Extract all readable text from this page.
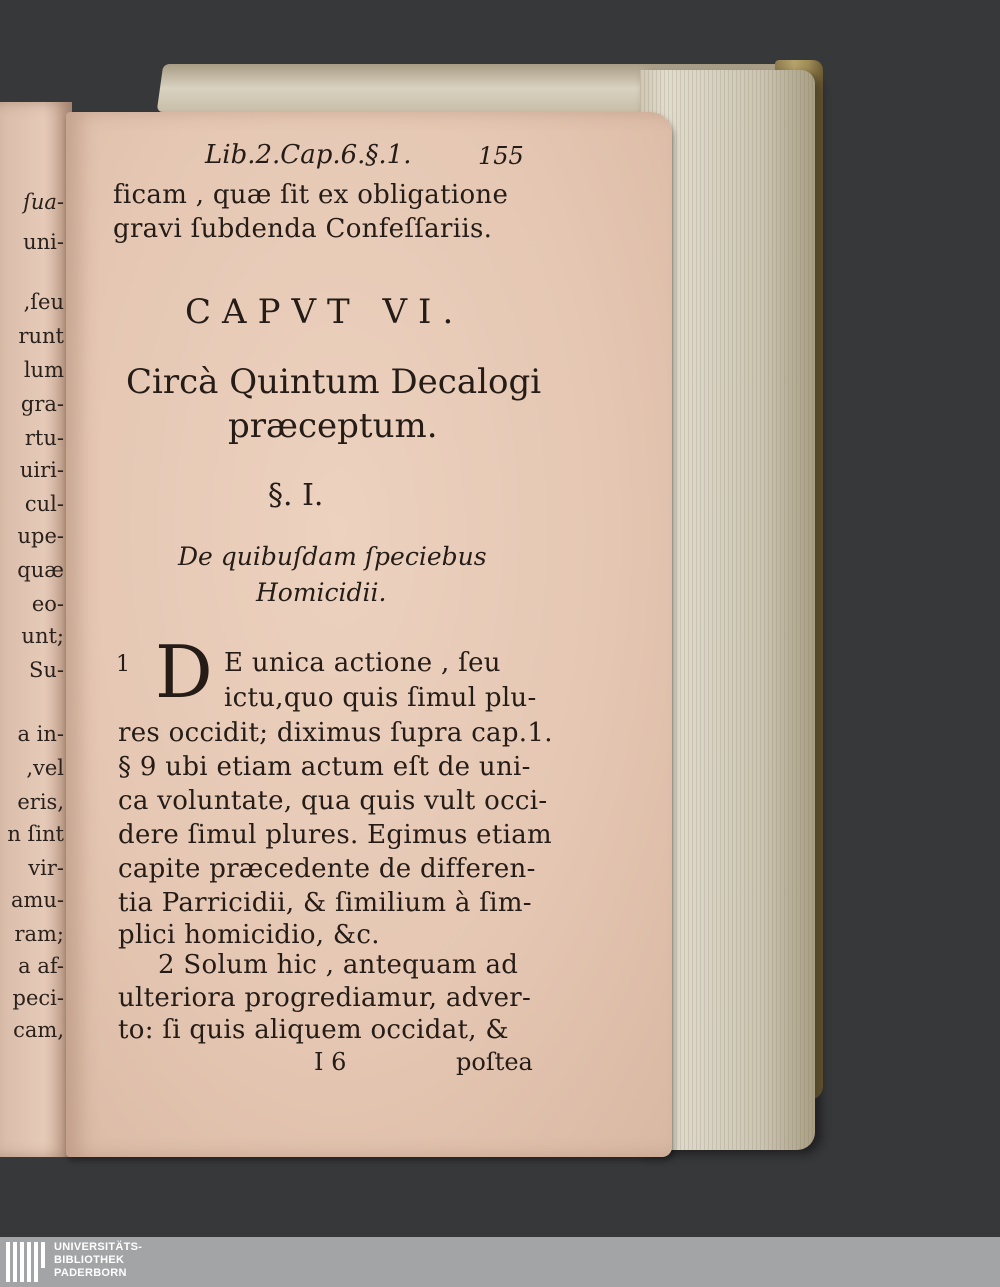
ſua-
uni-
,ſeu
runt
lum
gra-
rtu-
uiri-
cul-
upe-
quæ
eo-
unt;
Su-
a in-
,vel
eris,
n ſint
vir-
amu-
ram;
a af-
peci-
cam,
Lib.2.Cap.6.§.1.	155
ficam , quæ ſit ex obligatione
gravi ſubdenda Confeſſariis.
CAPVT VI.
Circà Quintum Decalogi
præceptum.
§. I.
De quibuſdam ſpeciebus
Homicidii.
1 D E unica actione , ſeu
ictu,quo quis ſimul plu-
res occidit; diximus ſupra cap.1.
§ 9 ubi etiam actum eſt de uni-
ca voluntate, qua quis vult occi-
dere ſimul plures. Egimus etiam
capite præcedente de differen-
tia Parricidii, & ſimilium à ſim-
plici homicidio, &c.
2 Solum hic , antequam ad
ulteriora progrediamur, adver-
to: ſi quis aliquem occidat, &
I 6	poſtea
UNIVERSITÄTS-
BIBLIOTHEK
PADERBORN
